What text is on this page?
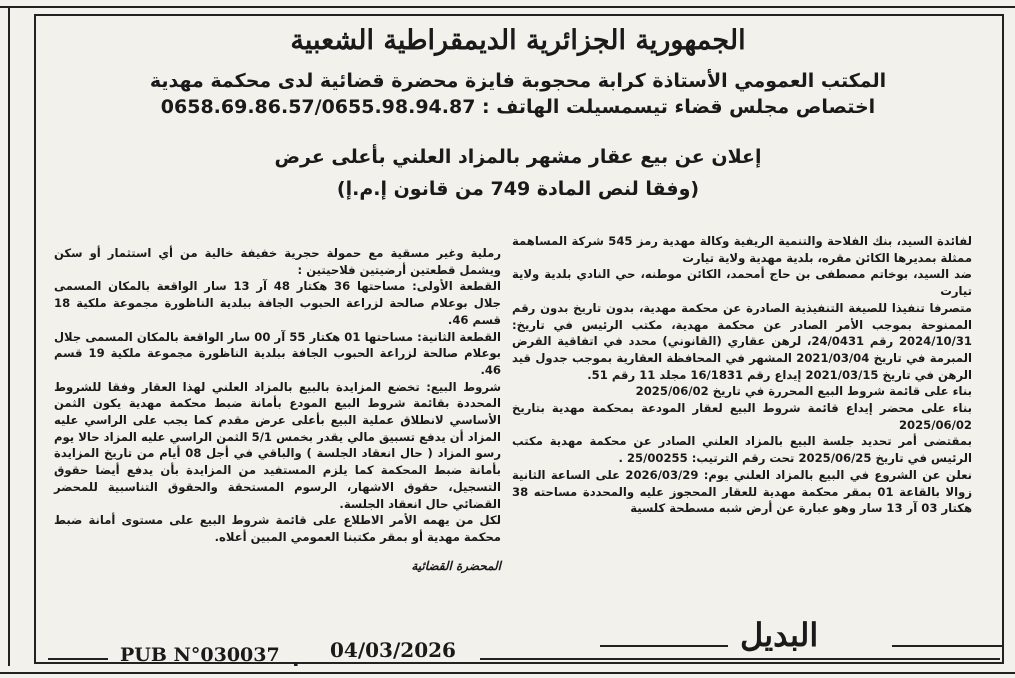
الجمهورية الجزائرية الديمقراطية الشعبية

المكتب العمومي الأستاذة كرابة محجوبة فايزة محضرة قضائية لدى محكمة مهدية

اختصاص مجلس قضاء تيسمسيلت الهاتف : 0658.69.86.57/0655.98.94.87

إعلان عن بيع عقار مشهر بالمزاد العلني بأعلى عرض
(وفقا لنص المادة 749 من قانون إ.م.إ)

لفائدة السيد، بنك الفلاحة والتنمية الريفية وكالة مهدية رمز 545 شركة المساهمة ممثلة بمديرها الكائن مقره، بلدية مهدية ولاية تيارت

ضد السيد، بوخاتم مصطفى بن حاج أمحمد، الكائن موطنه، حي النادي بلدية ولاية تيارت

متصرفا تنفيذا للصيغة التنفيذية الصادرة عن محكمة مهدية، بدون تاريخ بدون رقم الممنوحة بموجب الأمر الصادر عن محكمة مهدية، مكتب الرئيس في تاريخ: 2024/10/31 رقم 24/0431، لرهن عقاري (القانوني) محدد في اتفاقية القرض المبرمة في تاريخ 2021/03/04 المشهر في المحافظة العقارية بموجب جدول قيد الرهن في تاريخ 2021/03/15 إيداع رقم 16/1831 مجلد 11 رقم 51.

بناء على قائمة شروط البيع المحررة في تاريخ 2025/06/02

بناء على محضر إيداع قائمة شروط البيع لعقار المودعة بمحكمة مهدية بتاريخ 2025/06/02

بمقتضى أمر تحديد جلسة البيع بالمزاد العلني الصادر عن محكمة مهدية مكتب الرئيس في تاريخ 2025/06/25 تحت رقم الترتيب: 25/00255 .

نعلن عن الشروع في البيع بالمزاد العلني يوم: 2026/03/29 على الساعة الثانية زوالا بالقاعة 01 بمقر محكمة مهدية للعقار المحجوز عليه والمحددة مساحته 38 هكتار 03 آر 13 سار وهو عبارة عن أرض شبه مسطحة كلسية

رملية وغير مسقية مع حمولة حجرية خفيفة خالية من أي استثمار أو سكن ويشمل قطعتين أرضيتين فلاحيتين :

القطعة الأولى: مساحتها 36 هكتار 48 آر 13 سار الواقعة بالمكان المسمى جلال بوعلام صالحة لزراعة الحبوب الجافة ببلدية الناظورة مجموعة ملكية 18 قسم 46.

القطعة الثانية: مساحتها 01 هكتار 55 آر 00 سار الواقعة بالمكان المسمى جلال بوعلام صالحة لزراعة الحبوب الجافة ببلدية الناظورة مجموعة ملكية 19 قسم 46.

شروط البيع: تخضع المزايدة بالبيع بالمزاد العلني لهذا العقار وفقا للشروط المحددة بقائمة شروط البيع المودع بأمانة ضبط محكمة مهدية يكون الثمن الأساسي لانطلاق عملية البيع بأعلى عرض مقدم كما يجب على الراسي عليه المزاد أن يدفع تسبيق مالي يقدر بخمس 5/1 الثمن الراسي عليه المزاد حالا يوم رسو المزاد ( حال انعقاد الجلسة ) والباقي في أجل 08 أيام من تاريخ المزايدة بأمانة ضبط المحكمة كما يلزم المستفيد من المزايدة بأن يدفع أيضا حقوق التسجيل، حقوق الاشهار، الرسوم المستحقة والحقوق التناسبية للمحضر القضائي حال انعقاد الجلسة.

لكل من يهمه الأمر الاطلاع على قائمة شروط البيع على مستوى أمانة ضبط محكمة مهدية أو بمقر مكتبنا العمومي المبين أعلاه.

المحضرة القضائية
البديل
PUB N°030037 . 04/03/2026
